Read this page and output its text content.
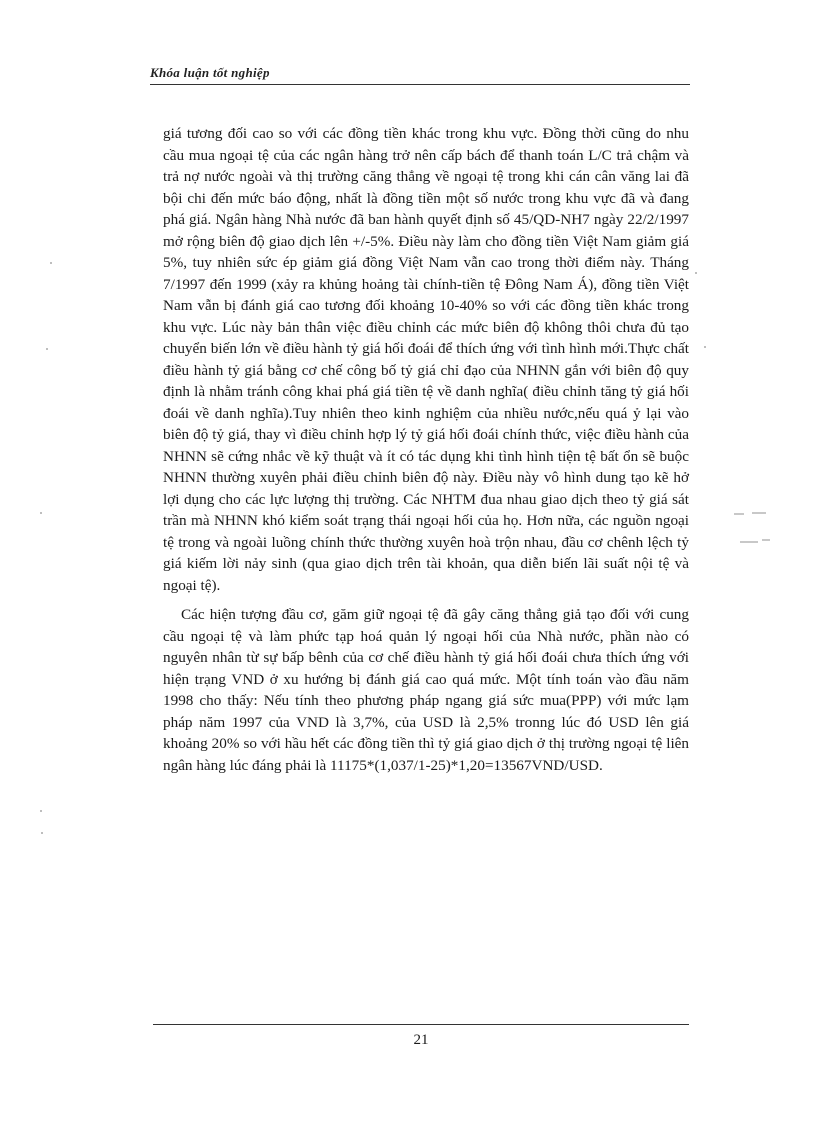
Khóa luận tốt nghiệp

giá tương đối cao so với các đồng tiền khác trong khu vực. Đồng thời cũng do nhu cầu mua ngoại tệ của các ngân hàng trở nên cấp bách để thanh toán L/C trả chậm và trả nợ nước ngoài và thị trường căng thẳng về ngoại tệ trong khi cán cân văng lai đã bội chi đến mức báo động, nhất là đồng tiền một số nước trong khu vực đã và đang phá giá. Ngân hàng Nhà nước đã ban hành quyết định số 45/QD-NH7 ngày 22/2/1997 mở rộng biên độ giao dịch lên +/-5%. Điều này làm cho đồng tiền Việt Nam giảm giá 5%, tuy nhiên sức ép giảm giá đồng Việt Nam vẫn cao trong thời điểm này. Tháng 7/1997 đến 1999 (xảy ra khủng hoảng tài chính-tiền tệ Đông Nam Á), đồng tiền Việt Nam vẫn bị đánh giá cao tương đối khoảng 10-40% so với các đồng tiền khác trong khu vực. Lúc này bản thân việc điều chỉnh các mức biên độ không thôi chưa đủ tạo chuyển biến lớn về điều hành tỷ giá hối đoái để thích ứng với tình hình mới.Thực chất điều hành tỷ giá bằng cơ chế công bố tỷ giá chỉ đạo của NHNN gắn với biên độ quy định là nhằm tránh công khai phá giá tiền tệ về danh nghĩa( điều chỉnh tăng tỷ giá hối đoái về danh nghĩa).Tuy nhiên theo kinh nghiệm của nhiều nước,nếu quá ỷ lại vào biên độ tỷ giá, thay vì điều chỉnh hợp lý tỷ giá hối đoái chính thức, việc điều hành của NHNN sẽ cứng nhắc về kỹ thuật và ít có tác dụng khi tình hình tiện tệ bất ổn sẽ buộc NHNN thường xuyên phải điều chỉnh biên độ này. Điều này vô hình dung tạo kẽ hở lợi dụng cho các lực lượng thị trường. Các NHTM đua nhau giao dịch theo tỷ giá sát trần mà NHNN khó kiểm soát trạng thái ngoại hối của họ. Hơn nữa, các nguồn ngoại tệ trong và ngoài luồng chính thức thường xuyên hoà trộn nhau, đầu cơ chênh lệch tỷ giá kiếm lời nảy sinh (qua giao dịch trên tài khoản, qua diễn biến lãi suất nội tệ và ngoại tệ).

Các hiện tượng đầu cơ, găm giữ ngoại tệ đã gây căng thẳng giả tạo đối với cung cầu ngoại tệ và làm phức tạp hoá quản lý ngoại hối của Nhà nước, phần nào có nguyên nhân từ sự bấp bênh của cơ chế điều hành tỷ giá hối đoái chưa thích ứng với hiện trạng VND ở xu hướng bị đánh giá cao quá mức. Một tính toán vào đầu năm 1998 cho thấy: Nếu tính theo phương pháp ngang giá sức mua(PPP) với mức lạm pháp năm 1997 của VND là 3,7%, của USD là 2,5% tronng lúc đó USD lên giá khoảng 20% so với hầu hết các đồng tiền thì tỷ giá giao dịch ở thị trường ngoại tệ liên ngân hàng lúc đáng phải là 11175*(1,037/1-25)*1,20=13567VND/USD.

21
